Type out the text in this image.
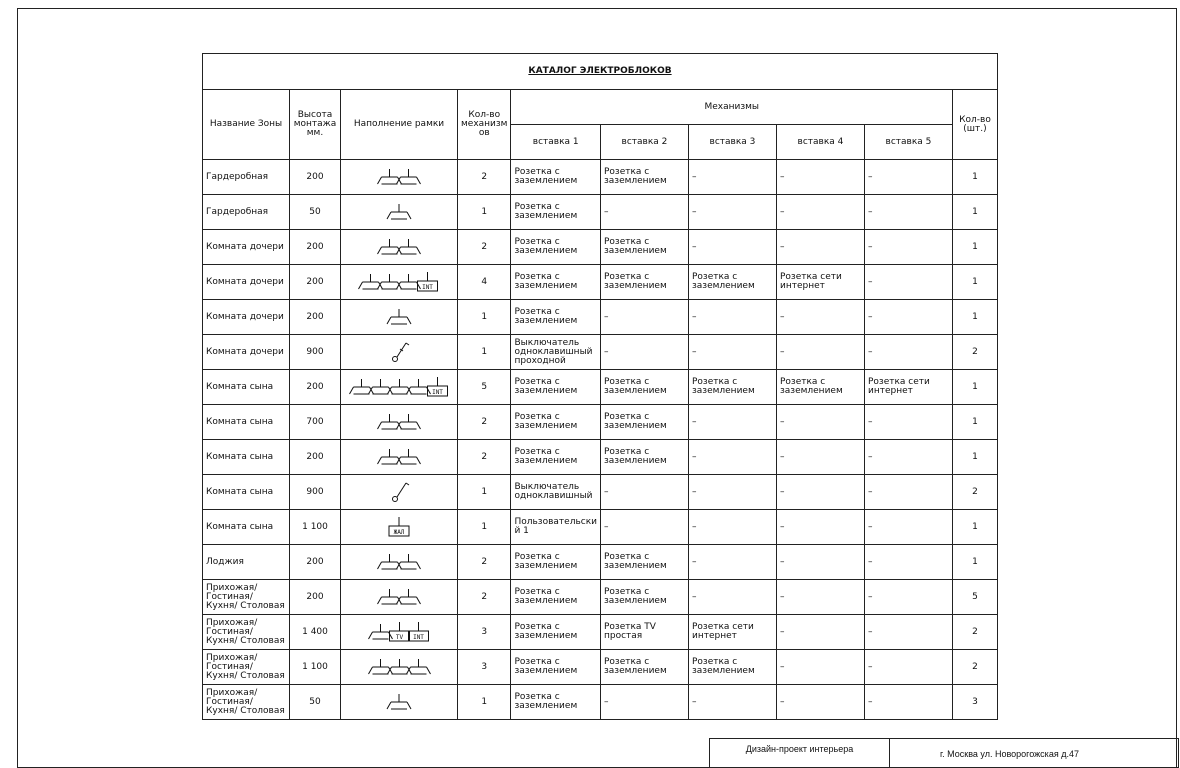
КАТАЛОГ ЭЛЕКТРОБЛОКОВ									
Название Зоны	Высота монтажа мм.	Наполнение рамки	Кол-во механизм ов	Механизмы					Кол-во (шт.)
				вставка 1	вставка 2	вставка 3	вставка 4	вставка 5	
Гардеробная	200		2	Розетка с заземлением	Розетка с заземлением	–	–	–	1
Гардеробная	50		1	Розетка с заземлением	–	–	–	–	1
Комната дочери	200		2	Розетка с заземлением	Розетка с заземлением	–	–	–	1
Комната дочери	200	INT	4	Розетка с заземлением	Розетка с заземлением	Розетка с заземлением	Розетка сети интернет	–	1
Комната дочери	200		1	Розетка с заземлением	–	–	–	–	1
Комната дочери	900		1	Выключатель одноклавишный проходной	–	–	–	–	2
Комната сына	200	INT	5	Розетка с заземлением	Розетка с заземлением	Розетка с заземлением	Розетка с заземлением	Розетка сети интернет	1
Комната сына	700		2	Розетка с заземлением	Розетка с заземлением	–	–	–	1
Комната сына	200		2	Розетка с заземлением	Розетка с заземлением	–	–	–	1
Комната сына	900		1	Выключатель одноклавишный	–	–	–	–	2
Комната сына	1 100	ЖАЛ	1	Пользовательски й 1	–	–	–	–	1
Лоджия	200		2	Розетка с заземлением	Розетка с заземлением	–	–	–	1
Прихожая/ Гостиная/ Кухня/ Столовая	200		2	Розетка с заземлением	Розетка с заземлением	–	–	–	5
Прихожая/ Гостиная/ Кухня/ Столовая	1 400	TV INT	3	Розетка с заземлением	Розетка TV простая	Розетка сети интернет	–	–	2
Прихожая/ Гостиная/ Кухня/ Столовая	1 100		3	Розетка с заземлением	Розетка с заземлением	Розетка с заземлением	–	–	2
Прихожая/ Гостиная/ Кухня/ Столовая	50		1	Розетка с заземлением	–	–	–	–	3
Дизайн-проект интерьера	г. Москва ул. Новорогожская д.47
